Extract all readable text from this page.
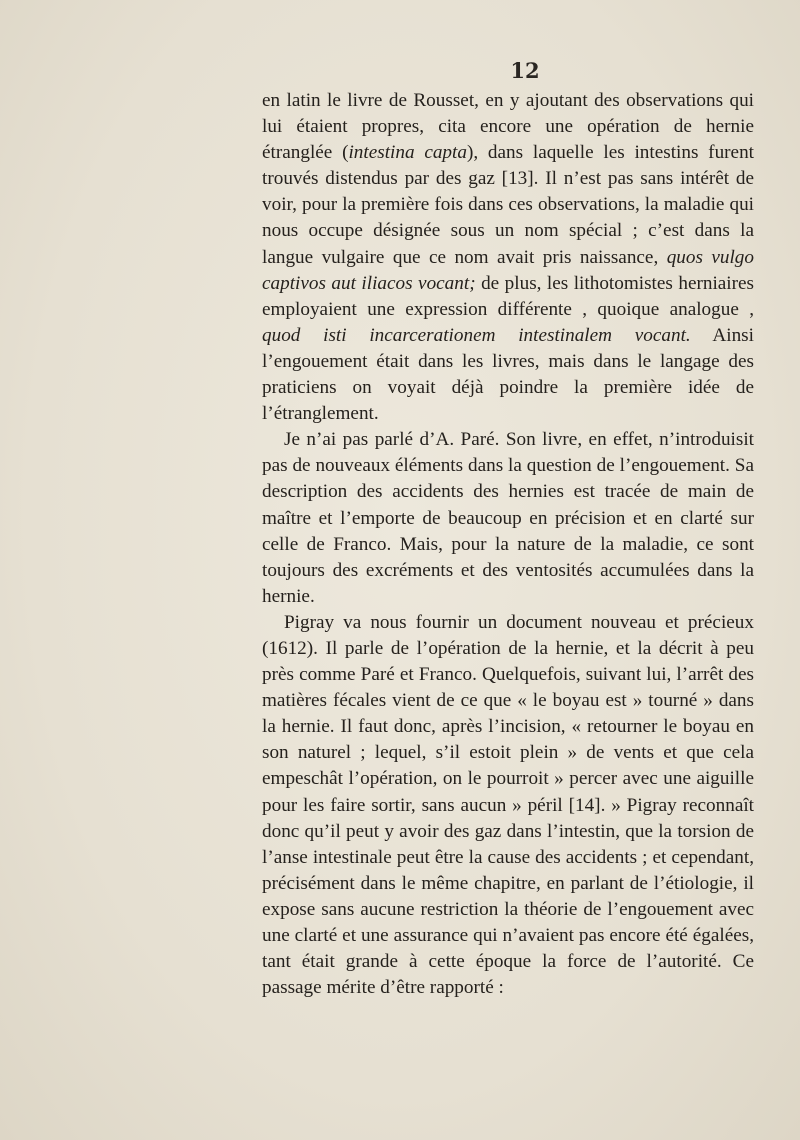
12

en latin le livre de Rousset, en y ajoutant des observations qui lui étaient propres, cita encore une opération de hernie étranglée (intestina capta), dans laquelle les intestins furent trouvés distendus par des gaz [13]. Il n’est pas sans intérêt de voir, pour la première fois dans ces observations, la maladie qui nous occupe désignée sous un nom spécial ; c’est dans la langue vulgaire que ce nom avait pris naissance, quos vulgo captivos aut iliacos vocant; de plus, les lithotomistes herniaires employaient une expression différente , quoique analogue , quod isti incarcerationem intestinalem vocant. Ainsi l’engouement était dans les livres, mais dans le langage des praticiens on voyait déjà poindre la première idée de l’étranglement.

Je n’ai pas parlé d’A. Paré. Son livre, en effet, n’introduisit pas de nouveaux éléments dans la question de l’engouement. Sa description des accidents des hernies est tracée de main de maître et l’emporte de beaucoup en précision et en clarté sur celle de Franco. Mais, pour la nature de la maladie, ce sont toujours des excréments et des ventosités accumulées dans la hernie.

Pigray va nous fournir un document nouveau et précieux (1612). Il parle de l’opération de la hernie, et la décrit à peu près comme Paré et Franco. Quelquefois, suivant lui, l’arrêt des matières fécales vient de ce que « le boyau est » tourné » dans la hernie. Il faut donc, après l’incision, « retourner le boyau en son naturel ; lequel, s’il estoit plein » de vents et que cela empeschât l’opération, on le pourroit » percer avec une aiguille pour les faire sortir, sans aucun » péril [14]. » Pigray reconnaît donc qu’il peut y avoir des gaz dans l’intestin, que la torsion de l’anse intestinale peut être la cause des accidents ; et cependant, précisément dans le même chapitre, en parlant de l’étiologie, il expose sans aucune restriction la théorie de l’engouement avec une clarté et une assurance qui n’avaient pas encore été égalées, tant était grande à cette époque la force de l’autorité. Ce passage mérite d’être rapporté :
